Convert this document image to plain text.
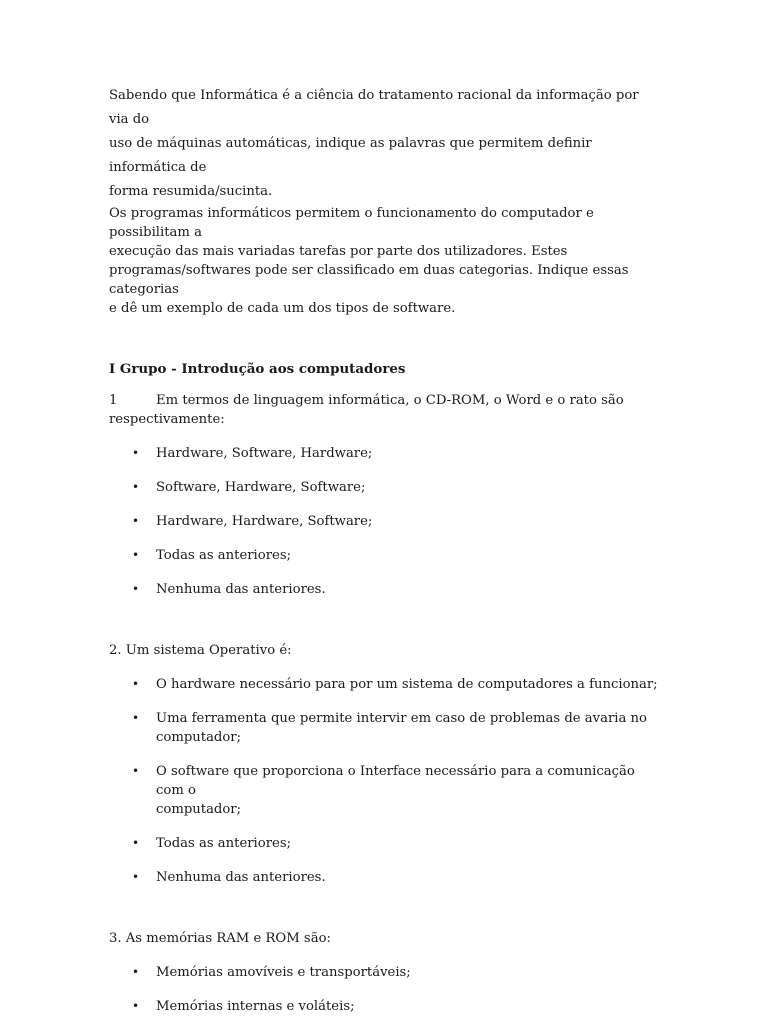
Sabendo que Informática é a ciência do tratamento racional da informação por via do
uso de máquinas automáticas, indique as palavras que permitem definir informática de
forma resumida/sucinta.

Os programas informáticos permitem o funcionamento do computador e possibilitam a
execução das mais variadas tarefas por parte dos utilizadores. Estes
programas/softwares pode ser classificado em duas categorias. Indique essas categorias
e dê um exemplo de cada um dos tipos de software.

I Grupo - Introdução aos computadores

1	Em termos de linguagem informática, o CD-ROM, o Word e o rato são
respectivamente:

• Hardware, Software, Hardware;
• Software, Hardware, Software;
• Hardware, Hardware, Software;
• Todas as anteriores;
• Nenhuma das anteriores.

2. Um sistema Operativo é:

• O hardware necessário para por um sistema de computadores a funcionar;
• Uma ferramenta que permite intervir em caso de problemas de avaria no
computador;
• O software que proporciona o Interface necessário para a comunicação com o
computador;
• Todas as anteriores;
• Nenhuma das anteriores.

3. As memórias RAM e ROM são:

• Memórias amovíveis e transportáveis;
• Memórias internas e voláteis;
